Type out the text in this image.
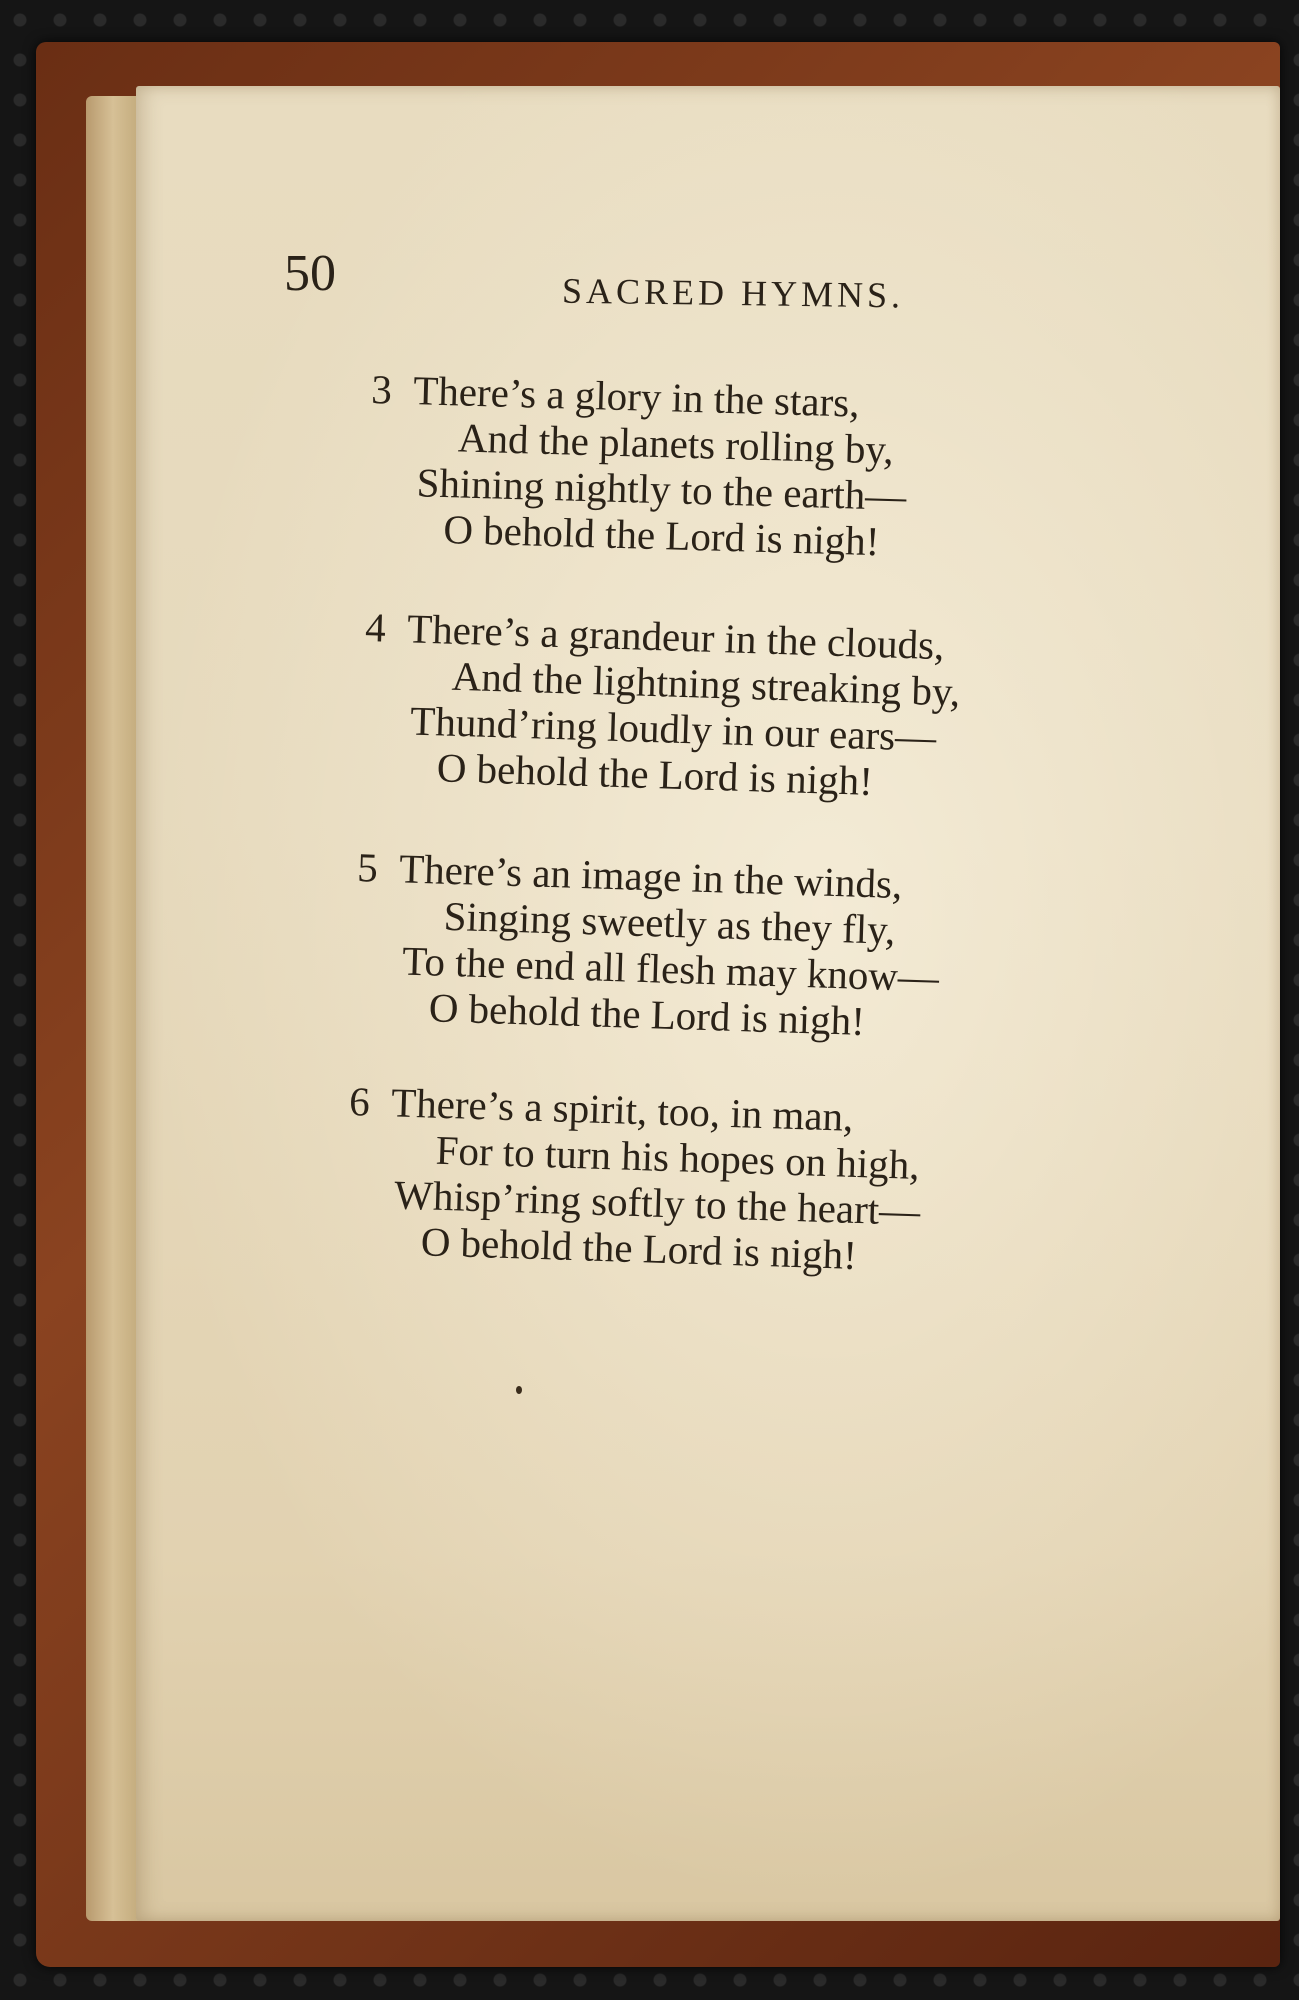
50	SACRED HYMNS.
3 There’s a glory in the stars,
And the planets rolling by,
Shining nightly to the earth—
O behold the Lord is nigh!
4 There’s a grandeur in the clouds,
And the lightning streaking by,
Thund’ring loudly in our ears—
O behold the Lord is nigh!
5 There’s an image in the winds,
Singing sweetly as they fly,
To the end all flesh may know—
O behold the Lord is nigh!
6 There’s a spirit, too, in man,
For to turn his hopes on high,
Whisp’ring softly to the heart—
O behold the Lord is nigh!
